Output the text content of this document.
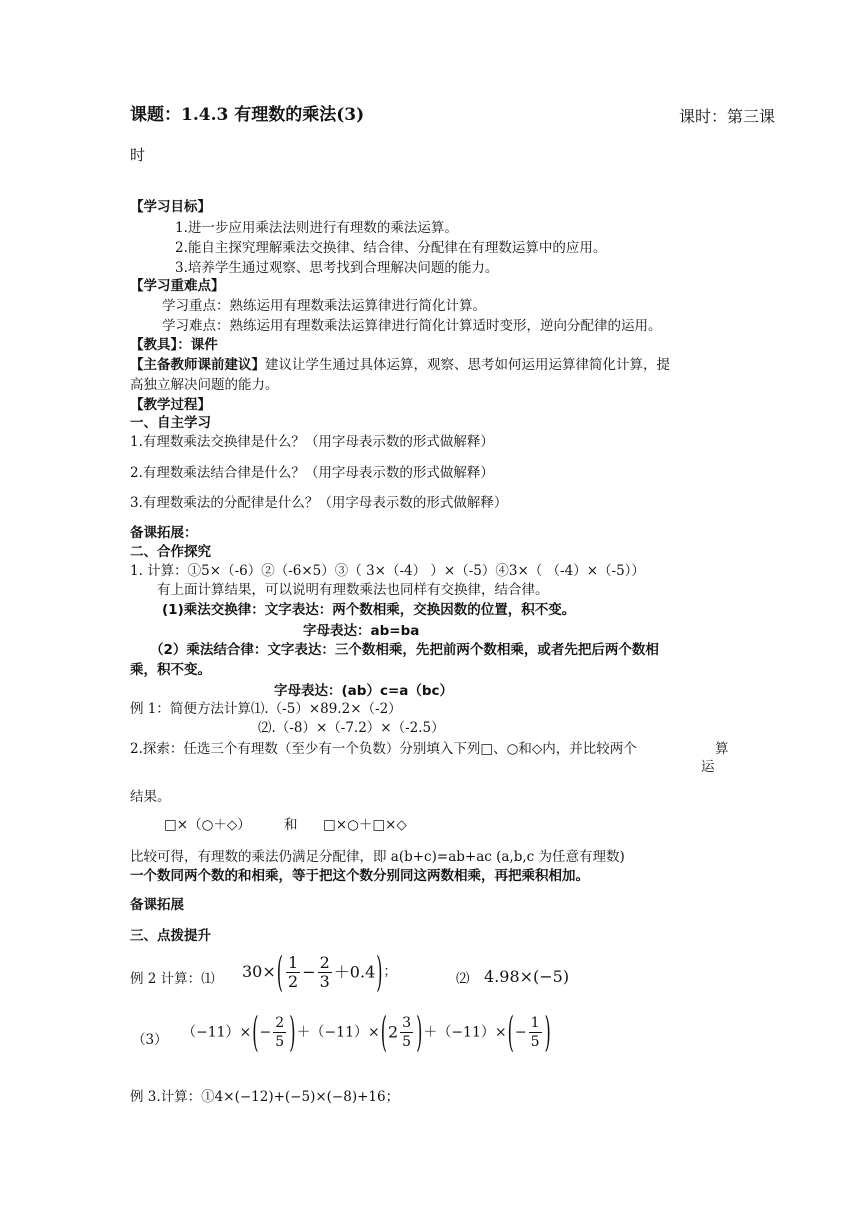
课题：1.4.3 有理数的乘法(3)	课时：第三课
时
【学习目标】
1.进一步应用乘法法则进行有理数的乘法运算。
2.能自主探究理解乘法交换律、结合律、分配律在有理数运算中的应用。
3.培养学生通过观察、思考找到合理解决问题的能力。
【学习重难点】
学习重点：熟练运用有理数乘法运算律进行简化计算。
学习难点：熟练运用有理数乘法运算律进行简化计算适时变形，逆向分配律的运用。
【教具】：课件
【主备教师课前建议】建议让学生通过具体运算，观察、思考如何运用运算律简化计算，提
高独立解决问题的能力。
【教学过程】
一、自主学习
1.有理数乘法交换律是什么？（用字母表示数的形式做解释）
2.有理数乘法结合律是什么？（用字母表示数的形式做解释）
3.有理数乘法的分配律是什么？（用字母表示数的形式做解释）
备课拓展：
二、合作探究
1. 计算：①5×（-6）②（-6×5）③（ 3×（-4） ）×（-5）④3×（ （-4）×（-5））
有上面计算结果，可以说明有理数乘法也同样有交换律，结合律。
(1)乘法交换律：文字表达：两个数相乘，交换因数的位置，积不变。
字母表达：ab=ba
（2）乘法结合律：文字表达：三个数相乘，先把前两个数相乘，或者先把后两个数相
乘，积不变。
字母表达：(ab）c=a（bc）
例 1：简便方法计算⑴.（-5）×89.2×（-2）
⑵.（-8）×（-7.2）×（-2.5）
2.探索：任选三个有理数（至少有一个负数）分别填入下列□、○和◇内，并比较两个	算
运
结果。
□×（○＋◇） 和 □×○＋□×◇
比较可得，有理数的乘法仍满足分配律，即 a(b+c)=ab+ac (a,b,c 为任意有理数)
一个数同两个数的和相乘，等于把这个数分别同这两数相乘，再把乘积相加。
备课拓展
三、点拨提升
例 2 计算：⑴ $30\times( \frac{1}{2} - \frac{2}{3} +0.4)$；	⑵ 4.98×(−5)
（3） $(-11)\times(- \frac{2}{5} )+(-11)\times(2 \frac{3}{5} )+(-11)\times(- \frac{1}{5}$ )
例 3.计算：①4×(−12)+(−5)×(−8)+16；
